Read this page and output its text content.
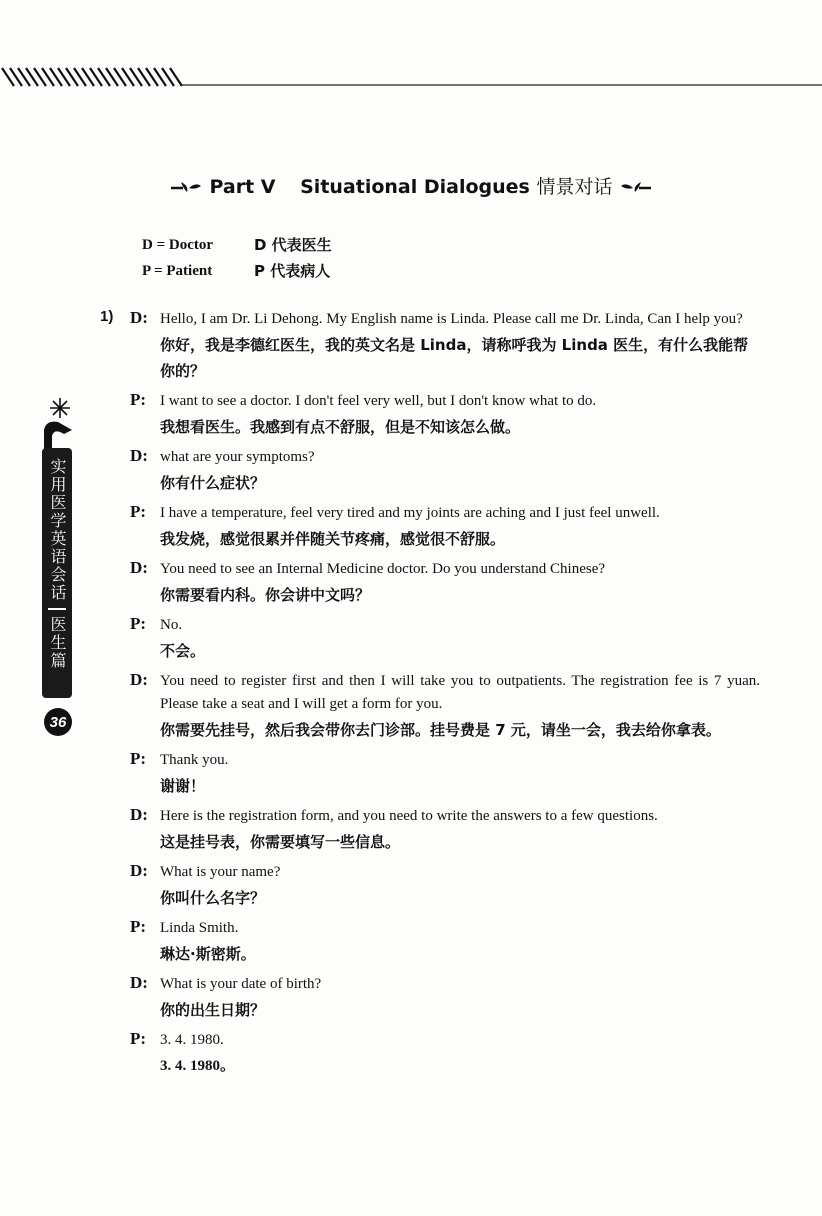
Part Ⅴ Situational Dialogues 情景对话
D = Doctor	D 代表医生
P = Patient	P 代表病人
实用医学英语会话
医生篇
36
1) D :	Hello, I am Dr. Li Dehong. My English name is Linda. Please call me Dr. Linda, Can I help you?
你好，我是李德红医生，我的英文名是 Linda，请称呼我为 Linda 医生，有什么我能帮你的？
P :	I want to see a doctor. I don't feel very well, but I don't know what to do.
我想看医生。我感到有点不舒服，但是不知该怎么做。
D :	what are your symptoms?
你有什么症状？
P :	I have a temperature, feel very tired and my joints are aching and I just feel unwell.
我发烧，感觉很累并伴随关节疼痛，感觉很不舒服。
D :	You need to see an Internal Medicine doctor. Do you understand Chinese?
你需要看内科。你会讲中文吗？
P :	No.
不会。
D :	You need to register first and then I will take you to outpatients. The registration fee is 7 yuan. Please take a seat and I will get a form for you.
你需要先挂号，然后我会带你去门诊部。挂号费是 7 元，请坐一会，我去给你拿表。
P :	Thank you.
谢谢！
D :	Here is the registration form, and you need to write the answers to a few questions.
这是挂号表，你需要填写一些信息。
D :	What is your name?
你叫什么名字？
P :	Linda Smith.
琳达·斯密斯。
D :	What is your date of birth?
你的出生日期？
P :	3. 4. 1980.
3. 4. 1980。
